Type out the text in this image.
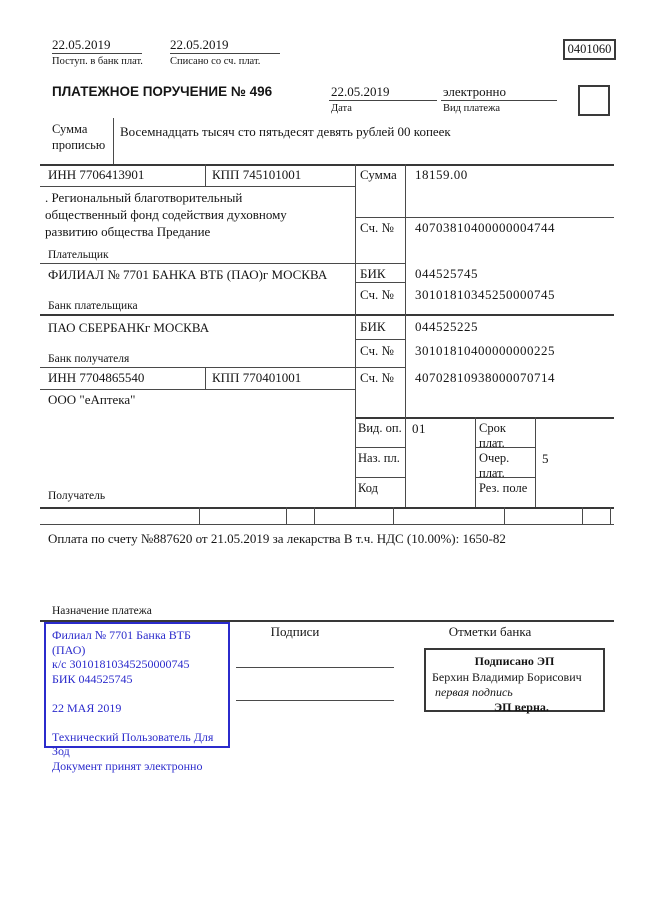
22.05.2019
Поступ. в банк плат.
22.05.2019
Списано со сч. плат.
0401060
ПЛАТЕЖНОЕ ПОРУЧЕНИЕ № 496	22.05.2019
Дата
электронно
Вид платежа
Сумма прописью
Восемнадцать тысяч сто пятьдесят девять рублей 00 копеек
ИНН 7706413901	КПП 745101001	Сумма 18159.00
. Региональный благотворительный
общественный фонд содействия духовному
развитию общества Предание	Сч. № 40703810400000004744
Плательщик
ФИЛИАЛ № 7701 БАНКА ВТБ (ПАО)г МОСКВА	БИК 044525745
Сч. № 30101810345250000745
Банк плательщика
ПАО СБЕРБАНКг МОСКВА	БИК 044525225
Сч. № 30101810400000000225
Банк получателя
ИНН 7704865540	КПП 770401001	Сч. № 40702810938000070714
ООО "еАптека"
Вид. оп. 01	Срок плат.
Наз. пл.	Очер. плат.
5
Код	Рез. поле
Получатель
Оплата по счету №887620 от 21.05.2019 за лекарства В т.ч. НДС (10.00%): 1650-82
Назначение платежа
Филиал № 7701 Банка ВТБ (ПАО)
к/с 30101810345250000745
БИК 044525745
22 МАЯ 2019
Технический Пользователь Для
Зод
Документ принят электронно
Подписи	Отметки банка
Подписано ЭП
Берхин Владимир Борисович
первая подпись
ЭП верна.
